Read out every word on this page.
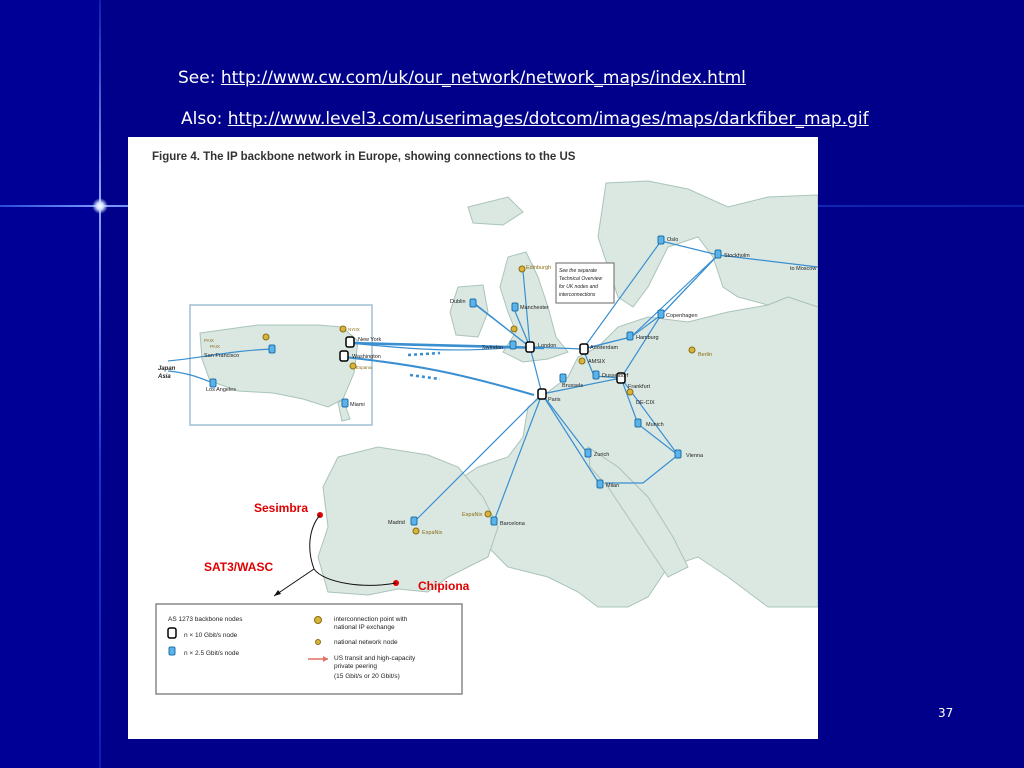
See: http://www.cw.com/uk/our_network/network_maps/index.html
Also: http://www.level3.com/userimages/dotcom/images/maps/darkfiber_map.gif
Figure 4. The IP backbone network in Europe, showing connections to the US
See the separate
Technical Overview
for UK nodes and
interconnections
Dublin
Edinburgh
Manchester
London
Swindon	Amsterdam
AMSIX
Brussels
Paris
Dusseldorf
Frankfurt
DE-CIX
Hamburg
Copenhagen
Oslo
Stockholm
to Moscow
Munich
Vienna
Zurich
Milan
Madrid	Barcelona
EspaNix
EspaNix
Berlin
New York
Washington
San Francisco
Los Angeles
Miami
NYIIX
PAIX
Espanix
PAIX
Japan
Asia
Sesimbra
SAT3/WASC
Chipiona
AS 1273 backbone nodes
n × 10 Gbit/s node
n × 2.5 Gbit/s node
interconnection point with
national IP exchange
national network node
US transit and high-capacity
private peering
(15 Gbit/s or 20 Gbit/s)
37
